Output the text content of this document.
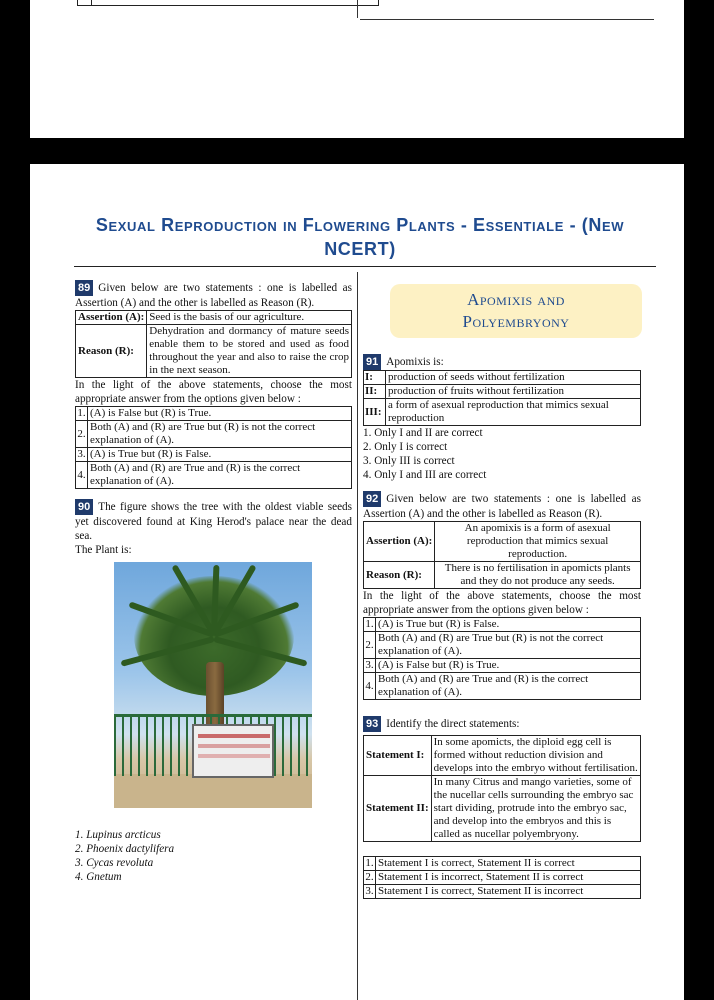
Sexual Reproduction in Flowering Plants - Essentiale - (New NCERT)
89 Given below are two statements : one is labelled as Assertion (A) and the other is labelled as Reason (R).
Assertion (A):	Seed is the basis of our agriculture.
Reason (R):	Dehydration and dormancy of mature seeds enable them to be stored and used as food throughout the year and also to raise the crop in the next season.
In the light of the above statements, choose the most appropriate answer from the options given below :
1.	(A) is False but (R) is True.
2.	Both (A) and (R) are True but (R) is not the correct explanation of (A).
3.	(A) is True but (R) is False.
4.	Both (A) and (R) are True and (R) is the correct explanation of (A).
90 The figure shows the tree with the oldest viable seeds yet discovered found at King Herod's palace near the dead sea.
The Plant is:
1. Lupinus arcticus
2. Phoenix dactylifera
3. Cycas revoluta
4. Gnetum
Apomixis and
Polyembryony
91 Apomixis is:
I:	production of seeds without fertilization
II:	production of fruits without fertilization
III:	a form of asexual reproduction that mimics sexual reproduction
1. Only I and II are correct
2. Only I is correct
3. Only III is correct
4. Only I and III are correct
92 Given below are two statements : one is labelled as Assertion (A) and the other is labelled as Reason (R).
Assertion (A):	An apomixis is a form of asexual reproduction that mimics sexual reproduction.
Reason (R):	There is no fertilisation in apomicts plants and they do not produce any seeds.
In the light of the above statements, choose the most appropriate answer from the options given below :
1.	(A) is True but (R) is False.
2.	Both (A) and (R) are True but (R) is not the correct explanation of (A).
3.	(A) is False but (R) is True.
4.	Both (A) and (R) are True and (R) is the correct explanation of (A).
93 Identify the direct statements:
Statement I:	In some apomicts, the diploid egg cell is formed without reduction division and develops into the embryo without fertilisation.
Statement II:	In many Citrus and mango varieties, some of the nucellar cells surrounding the embryo sac start dividing, protrude into the embryo sac, and develop into the embryos and this is called as nucellar polyembryony.
1.	Statement I is correct, Statement II is correct
2.	Statement I is incorrect, Statement II is correct
3.	Statement I is correct, Statement II is incorrect
